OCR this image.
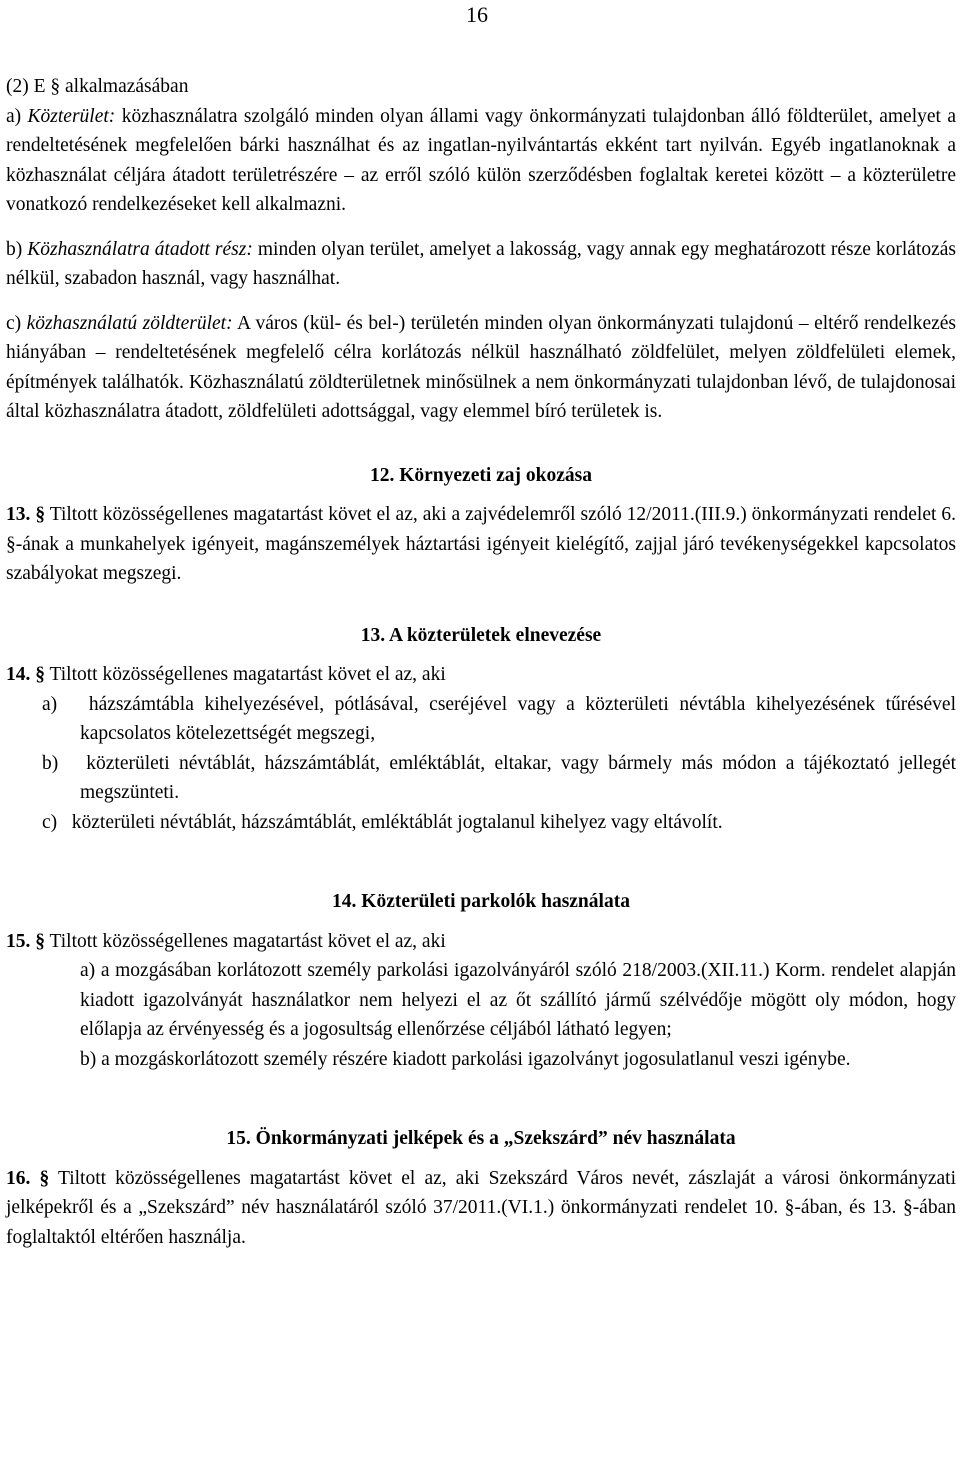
16

(2) E § alkalmazásában

a) Közterület: közhasználatra szolgáló minden olyan állami vagy önkormányzati tulajdonban álló földterület, amelyet a rendeltetésének megfelelően bárki használhat és az ingatlan-nyilvántartás ekként tart nyilván. Egyéb ingatlanoknak a közhasználat céljára átadott területrészére – az erről szóló külön szerződésben foglaltak keretei között – a közterületre vonatkozó rendelkezéseket kell alkalmazni.

b) Közhasználatra átadott rész: minden olyan terület, amelyet a lakosság, vagy annak egy meghatározott része korlátozás nélkül, szabadon használ, vagy használhat.

c) közhasználatú zöldterület: A város (kül- és bel-) területén minden olyan önkormányzati tulajdonú – eltérő rendelkezés hiányában – rendeltetésének megfelelő célra korlátozás nélkül használható zöldfelület, melyen zöldfelületi elemek, építmények találhatók. Közhasználatú zöldterületnek minősülnek a nem önkormányzati tulajdonban lévő, de tulajdonosai által közhasználatra átadott, zöldfelületi adottsággal, vagy elemmel bíró területek is.

12. Környezeti zaj okozása

13. § Tiltott közösségellenes magatartást követ el az, aki a zajvédelemről szóló 12/2011.(III.9.) önkormányzati rendelet 6. §-ának a munkahelyek igényeit, magánszemélyek háztartási igényeit kielégítő, zajjal járó tevékenységekkel kapcsolatos szabályokat megszegi.

13. A közterületek elnevezése

14. § Tiltott közösségellenes magatartást követ el az, aki

a)   házszámtábla kihelyezésével, pótlásával, cseréjével vagy a közterületi névtábla kihelyezésének tűrésével kapcsolatos kötelezettségét megszegi,

b)   közterületi névtáblát, házszámtáblát, emléktáblát, eltakar, vagy bármely más módon a tájékoztató jellegét megszünteti.

c)   közterületi névtáblát, házszámtáblát, emléktáblát jogtalanul kihelyez vagy eltávolít.

14. Közterületi parkolók használata

15. § Tiltott közösségellenes magatartást követ el az, aki

a) a mozgásában korlátozott személy parkolási igazolványáról szóló 218/2003.(XII.11.) Korm. rendelet alapján kiadott igazolványát használatkor nem helyezi el az őt szállító jármű szélvédője mögött oly módon, hogy előlapja az érvényesség és a jogosultság ellenőrzése céljából látható legyen;

b) a mozgáskorlátozott személy részére kiadott parkolási igazolványt jogosulatlanul veszi igénybe.

15. Önkormányzati jelképek és a „Szekszárd” név használata

16. § Tiltott közösségellenes magatartást követ el az, aki Szekszárd Város nevét, zászlaját a városi önkormányzati jelképekről és a „Szekszárd” név használatáról szóló 37/2011.(VI.1.) önkormányzati rendelet 10. §-ában, és 13. §-ában foglaltaktól eltérően használja.
